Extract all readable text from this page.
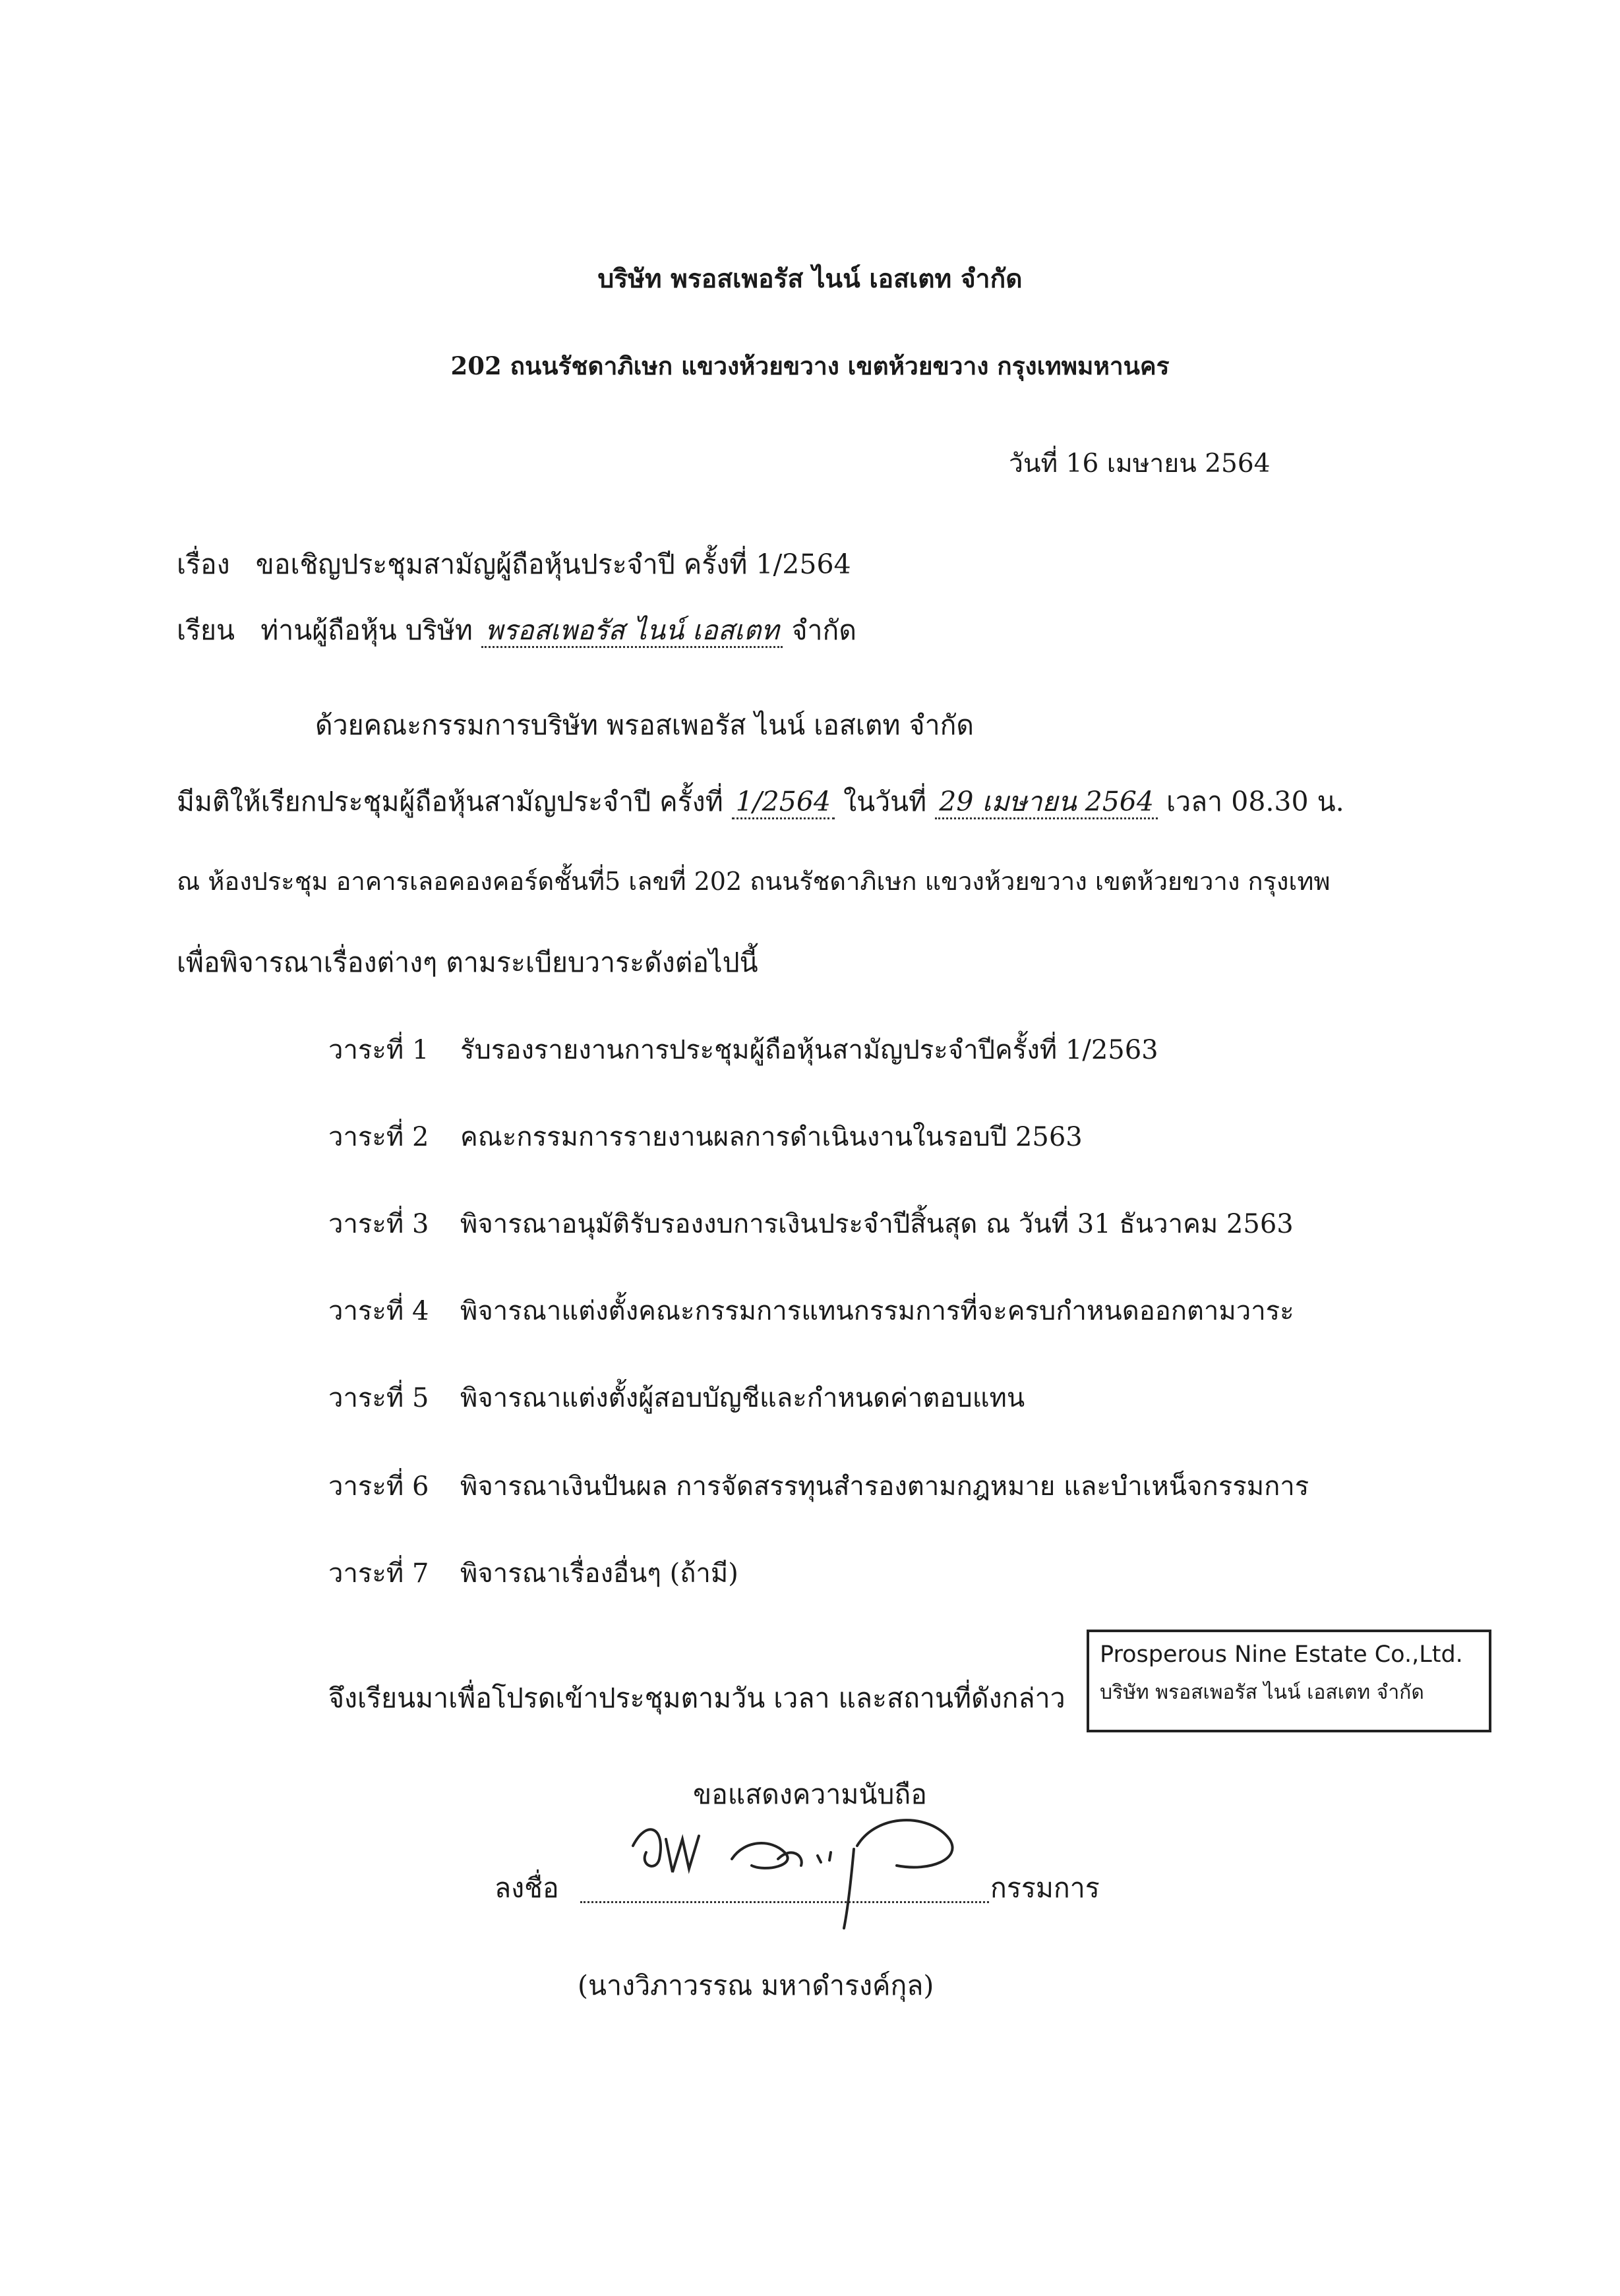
บริษัท พรอสเพอรัส ไนน์ เอสเตท จำกัด
202 ถนนรัชดาภิเษก แขวงห้วยขวาง เขตห้วยขวาง กรุงเทพมหานคร
วันที่ 16 เมษายน 2564
เรื่อง ขอเชิญประชุมสามัญผู้ถือหุ้นประจำปี ครั้งที่ 1/2564
เรียน ท่านผู้ถือหุ้น บริษัท พรอสเพอรัส ไนน์ เอสเตท จำกัด
ด้วยคณะกรรมการบริษัท พรอสเพอรัส ไนน์ เอสเตท จำกัด
มีมติให้เรียกประชุมผู้ถือหุ้นสามัญประจำปี ครั้งที่ 1/2564 ในวันที่ 29 เมษายน 2564 เวลา 08.30 น.
ณ ห้องประชุม อาคารเลอคองคอร์ดชั้นที่5 เลขที่ 202 ถนนรัชดาภิเษก แขวงห้วยขวาง เขตห้วยขวาง กรุงเทพ
เพื่อพิจารณาเรื่องต่างๆ ตามระเบียบวาระดังต่อไปนี้
วาระที่ 1 รับรองรายงานการประชุมผู้ถือหุ้นสามัญประจำปีครั้งที่ 1/2563
วาระที่ 2 คณะกรรมการรายงานผลการดำเนินงานในรอบปี 2563
วาระที่ 3 พิจารณาอนุมัติรับรองงบการเงินประจำปีสิ้นสุด ณ วันที่ 31 ธันวาคม 2563
วาระที่ 4 พิจารณาแต่งตั้งคณะกรรมการแทนกรรมการที่จะครบกำหนดออกตามวาระ
วาระที่ 5 พิจารณาแต่งตั้งผู้สอบบัญชีและกำหนดค่าตอบแทน
วาระที่ 6 พิจารณาเงินปันผล การจัดสรรทุนสำรองตามกฎหมาย และบำเหน็จกรรมการ
วาระที่ 7 พิจารณาเรื่องอื่นๆ (ถ้ามี)
จึงเรียนมาเพื่อโปรดเข้าประชุมตามวัน เวลา และสถานที่ดังกล่าว
Prosperous Nine Estate Co.,Ltd.
บริษัท พรอสเพอรัส ไนน์ เอสเตท จำกัด
ขอแสดงความนับถือ
ลงชื่อ	กรรมการ
(นางวิภาวรรณ มหาดำรงค์กุล)
